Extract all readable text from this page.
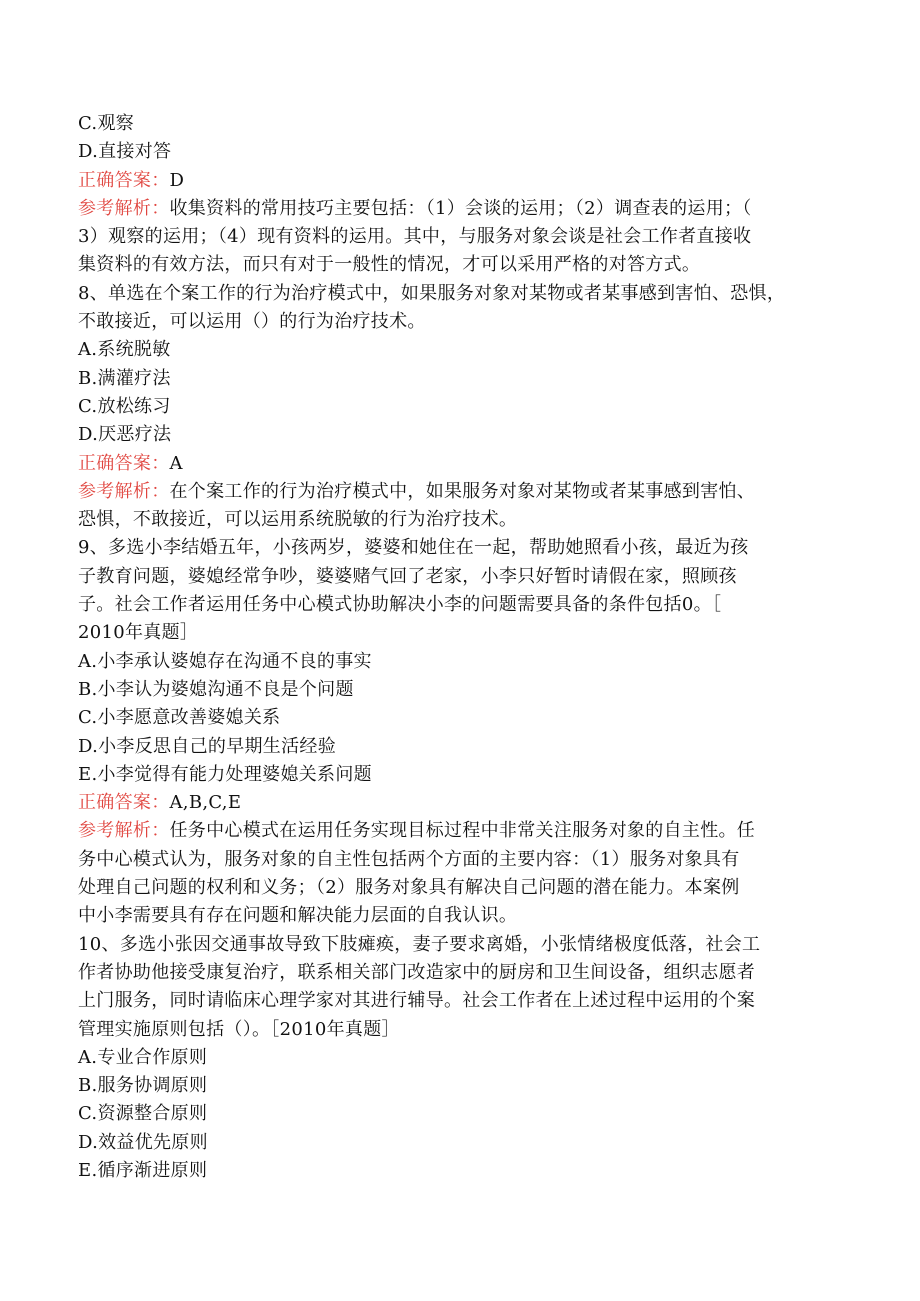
C.观察
D.直接对答
正确答案：D
参考解析：收集资料的常用技巧主要包括：（1）会谈的运用；（2）调查表的运用；（
3）观察的运用；（4）现有资料的运用。其中，与服务对象会谈是社会工作者直接收
集资料的有效方法，而只有对于一般性的情况，才可以采用严格的对答方式。
8、单选在个案工作的行为治疗模式中，如果服务对象对某物或者某事感到害怕、恐惧，
不敢接近，可以运用（）的行为治疗技术。
A.系统脱敏
B.满灌疗法
C.放松练习
D.厌恶疗法
正确答案：A
参考解析：在个案工作的行为治疗模式中，如果服务对象对某物或者某事感到害怕、
恐惧，不敢接近，可以运用系统脱敏的行为治疗技术。
9、多选小李结婚五年，小孩两岁，婆婆和她住在一起，帮助她照看小孩，最近为孩
子教育问题，婆媳经常争吵，婆婆赌气回了老家，小李只好暂时请假在家，照顾孩
子。社会工作者运用任务中心模式协助解决小李的问题需要具备的条件包括0。［
2010年真题］
A.小李承认婆媳存在沟通不良的事实
B.小李认为婆媳沟通不良是个问题
C.小李愿意改善婆媳关系
D.小李反思自己的早期生活经验
E.小李觉得有能力处理婆媳关系问题
正确答案：A,B,C,E
参考解析：任务中心模式在运用任务实现目标过程中非常关注服务对象的自主性。任
务中心模式认为，服务对象的自主性包括两个方面的主要内容：（1）服务对象具有
处理自己问题的权利和义务；（2）服务对象具有解决自己问题的潜在能力。本案例
中小李需要具有存在问题和解决能力层面的自我认识。
10、多选小张因交通事故导致下肢瘫痪，妻子要求离婚，小张情绪极度低落，社会工
作者协助他接受康复治疗，联系相关部门改造家中的厨房和卫生间设备，组织志愿者
上门服务，同时请临床心理学家对其进行辅导。社会工作者在上述过程中运用的个案
管理实施原则包括（）。［2010年真题］
A.专业合作原则
B.服务协调原则
C.资源整合原则
D.效益优先原则
E.循序渐进原则
